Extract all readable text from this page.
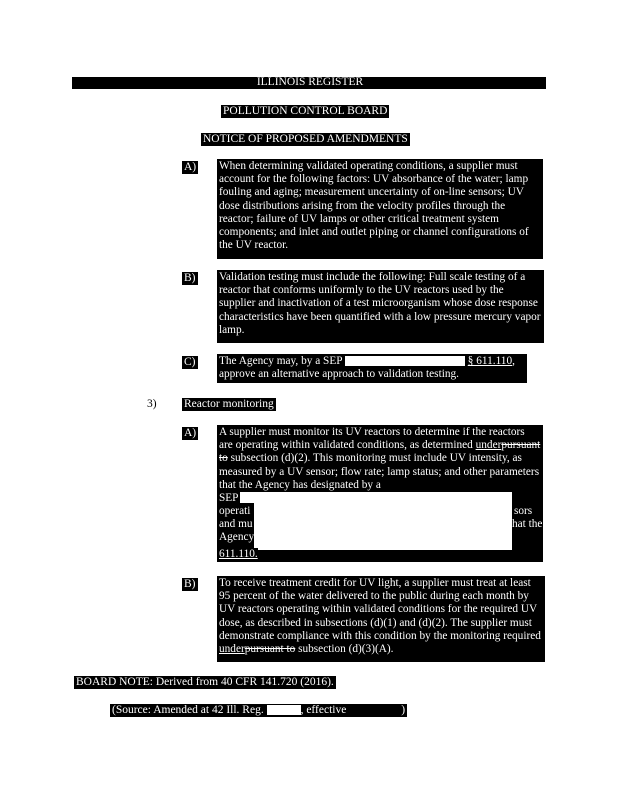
ILLINOIS REGISTER
POLLUTION CONTROL BOARD
NOTICE OF PROPOSED AMENDMENTS
A) When determining validated operating conditions, a supplier must account for the following factors: UV absorbance of the water; lamp fouling and aging; measurement uncertainty of on-line sensors; UV dose distributions arising from the velocity profiles through the reactor; failure of UV lamps or other critical treatment system components; and inlet and outlet piping or channel configurations of the UV reactor.
B) Validation testing must include the following: Full scale testing of a reactor that conforms uniformly to the UV reactors used by the supplier and inactivation of a test microorganism whose dose response characteristics have been quantified with a low pressure mercury vapor lamp.
C) The Agency may, by a SEP	§ 611.110, approve an alternative approach to validation testing.
3) Reactor monitoring
A) A supplier must monitor its UV reactors to determine if the reactors are operating within validated conditions, as determined underpursuant to subsection (d)(2). This monitoring must include UV intensity, as measured by a UV sensor; flow rate; lamp status; and other parameters that the Agency has designated by a
SEP
operati
and mu
Agency
sors
hat the
611.110.
B) To receive treatment credit for UV light, a supplier must treat at least 95 percent of the water delivered to the public during each month by UV reactors operating within validated conditions for the required UV dose, as described in subsections (d)(1) and (d)(2). The supplier must demonstrate compliance with this condition by the monitoring required underpursuant to subsection (d)(3)(A).
BOARD NOTE: Derived from 40 CFR 141.720 (2016).
(Source: Amended at 42 Ill. Reg.	, effective	)
